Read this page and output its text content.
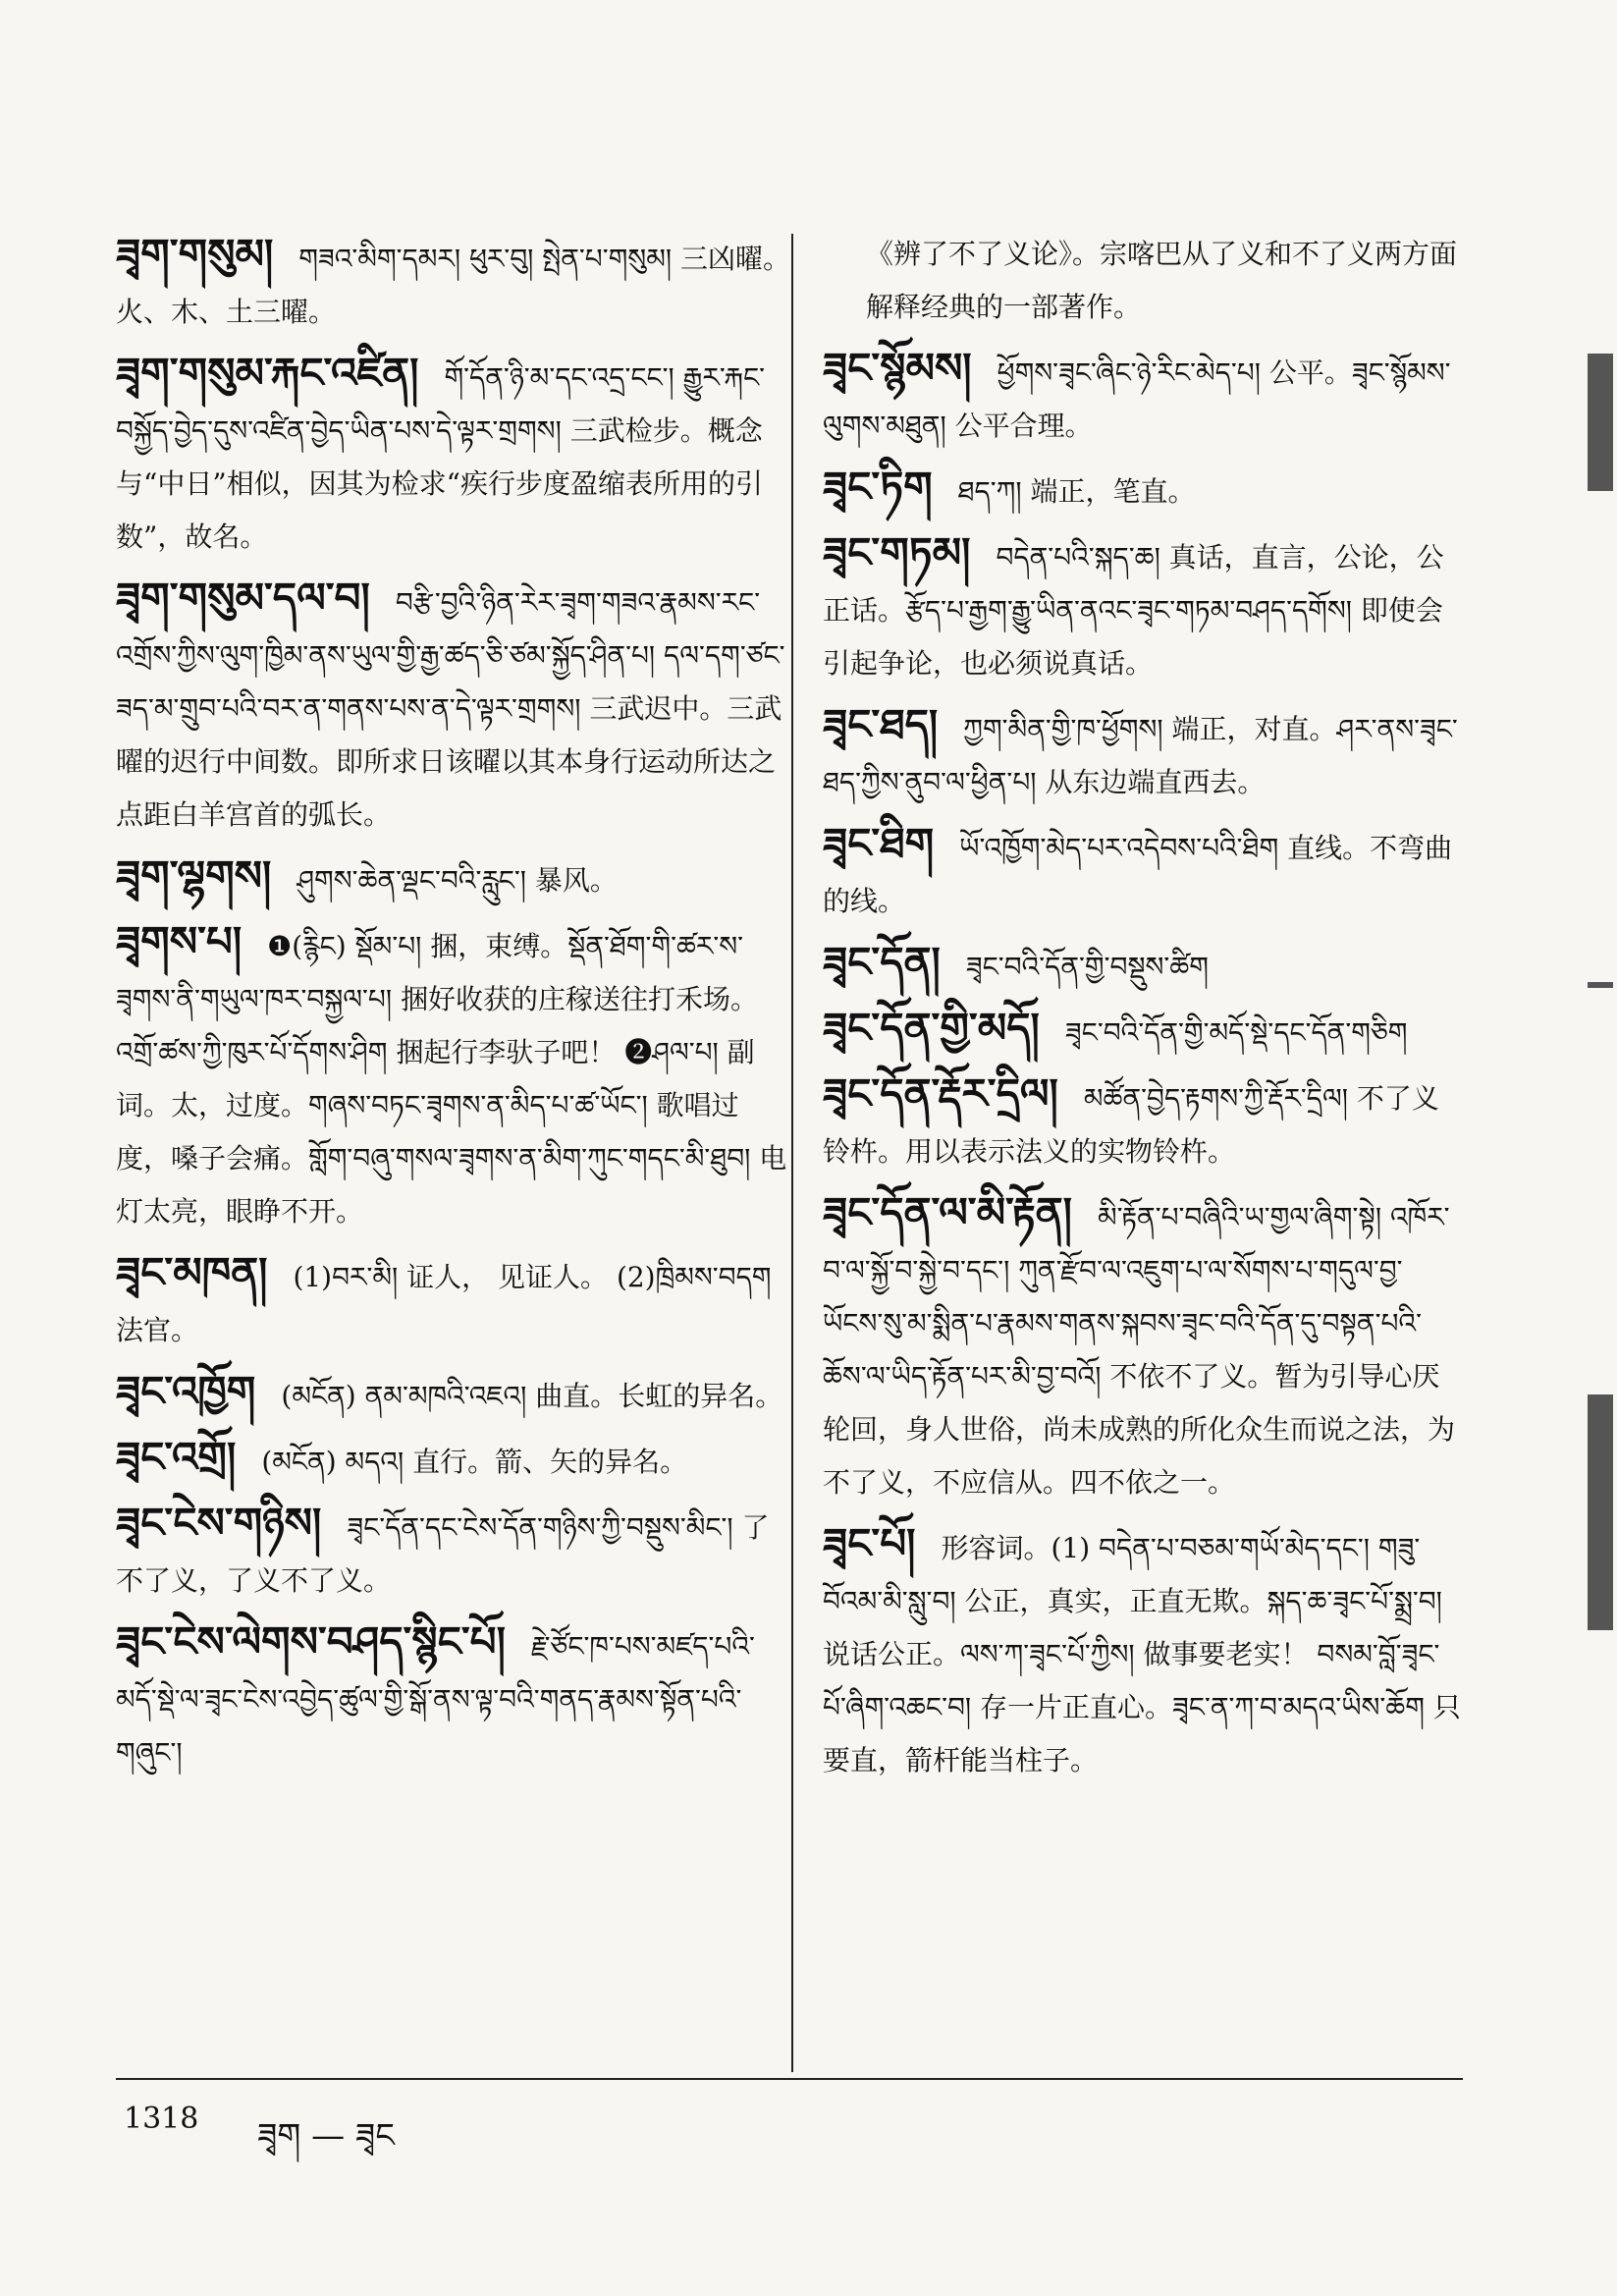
ཟྭག་གསུམ། གཟའ་མིག་དམར། ཕུར་བུ། སྤེན་པ་གསུམ། 三凶曜。火、木、土三曜。
ཟྭག་གསུམ་རྐང་འཛིན། གོ་དོན་ཉི་མ་དང་འདྲ་ངང་། རྒྱུར་རྐང་བསྐྱོད་བྱེད་དུས་འཛིན་བྱེད་ཡིན་པས་དེ་ལྟར་གྲགས། 三武检步。概念与“中日”相似，因其为检求“疾行步度盈缩表所用的引数”，故名。
ཟྭག་གསུམ་དལ་བ། བརྩི་བྱའི་ཉིན་རེར་ཟྭག་གཟའ་རྣམས་རང་འགྲོས་ཀྱིས་ལུག་ཁྱིམ་ནས་ཡུལ་གྱི་རྒྱ་ཚད་ཅི་ཙམ་སྐྱོད་ཤིན་པ། དལ་དག་ཙང་ཟད་མ་གྲུབ་པའི་བར་ན་གནས་པས་ན་དེ་ལྟར་གྲགས། 三武迟中。三武曜的迟行中间数。即所求日该曜以其本身行运动所达之点距白羊宫首的弧长。
ཟྭག་ལྷགས། ཤུགས་ཆེན་ལྡང་བའི་རླུང་། 暴风。
ཟྭགས་པ། ❶(རྙིང) སྡོམ་པ། 捆，束缚。སྡོན་ཐོག་གི་ཚར་ས་ཟྭགས་ནི་གཡུལ་ཁར་བསྐྱལ་པ། 捆好收获的庄稼送往打禾场。འགྲོ་ཚས་ཀྱི་ཁུར་པོ་དོགས་ཤིག 捆起行李驮子吧！ ❷ཤལ་པ། 副词。太，过度。གཞས་བཏང་ཟྭགས་ན་མིད་པ་ཚ་ཡོང་། 歌唱过度，嗓子会痛。གློག་བཞུ་གསལ་ཟྭགས་ན་མིག་ཀུང་གདང་མི་ཐུབ། 电灯太亮，眼睁不开。
ཟྭང་མཁན། (1)བར་མི། 证人， 见证人。 (2)ཁྲིམས་བདག 法官。
ཟྭང་འཁྱོག (མངོན) ནམ་མཁའི་འཇའ། 曲直。长虹的异名。
ཟྭང་འགྲོ། (མངོན) མདའ། 直行。箭、矢的异名。
ཟྭང་ངེས་གཉིས། ཟྭང་དོན་དང་ངེས་དོན་གཉིས་ཀྱི་བསྡུས་མིང་། 了不了义，了义不了义。
ཟྭང་ངེས་ལེགས་བཤད་སྙིང་པོ། རྗེ་ཙོང་ཁ་པས་མཛད་པའི་མདོ་སྡེ་ལ་ཟྭང་ངེས་འབྱེད་ཚུལ་གྱི་སྒོ་ནས་ལྟ་བའི་གནད་རྣམས་སྟོན་པའི་གཞུང་།
《辨了不了义论》。宗喀巴从了义和不了义两方面解释经典的一部著作。
ཟྭང་སྙོམས། ཕྱོགས་ཟྭང་ཞིང་ཉེ་རིང་མེད་པ། 公平。ཟྭང་སྙོམས་ལུགས་མཐུན། 公平合理。
ཟྭང་ཏིག ཐད་ཀ། 端正，笔直。
ཟྭང་གཏམ། བདེན་པའི་སྐད་ཆ། 真话，直言，公论，公正话。རྩོད་པ་རྒྱག་རྒྱུ་ཡིན་ནའང་ཟྭང་གཏམ་བཤད་དགོས། 即使会引起争论，也必须说真话。
ཟྭང་ཐད། ཀྱག་མིན་གྱི་ཁ་ཕྱོགས། 端正，对直。ཤར་ནས་ཟྭང་ཐད་ཀྱིས་ནུབ་ལ་ཕྱིན་པ། 从东边端直西去。
ཟྭང་ཐིག ཡོ་འཁྱོག་མེད་པར་འདེབས་པའི་ཐིག 直线。不弯曲的线。
ཟྭང་དོན། ཟྭང་བའི་དོན་གྱི་བསྡུས་ཚིག
ཟྭང་དོན་གྱི་མདོ། ཟྭང་བའི་དོན་གྱི་མདོ་སྡེ་དང་དོན་གཅིག
ཟྭང་དོན་རྡོར་དྲིལ། མཚོན་བྱེད་རྟགས་ཀྱི་རྡོར་དྲིལ། 不了义铃杵。用以表示法义的实物铃杵。
ཟྭང་དོན་ལ་མི་རྟོན། མི་རྟོན་པ་བཞིའི་ཡ་གྱལ་ཞིག་སྟེ། འཁོར་བ་ལ་སྐྱོ་བ་སྐྱེ་བ་དང་། ཀུན་རྫོབ་ལ་འཇུག་པ་ལ་སོགས་པ་གདུལ་བྱ་ཡོངས་སུ་མ་སྨིན་པ་རྣམས་གནས་སྐབས་ཟྭང་བའི་དོན་དུ་བསྟན་པའི་ཆོས་ལ་ཡིད་རྟོན་པར་མི་བྱ་བའོ། 不依不了义。暂为引导心厌轮回，身人世俗，尚未成熟的所化众生而说之法，为不了义，不应信从。四不依之一。
ཟྭང་པོ། 形容词。(1) བདེན་པ་བཅམ་གཡོ་མེད་དང་། གཟུ་བོའམ་མི་སླུ་བ། 公正，真实，正直无欺。སྐད་ཆ་ཟྭང་པོ་སྨྲ་བ། 说话公正。ལས་ཀ་ཟྭང་པོ་ཀྱིས། 做事要老实！ བསམ་བློ་ཟྭང་པོ་ཞིག་འཆང་བ། 存一片正直心。ཟྭང་ན་ཀ་བ་མདའ་ཡིས་ཆོག 只要直，箭杆能当柱子。
1318 ཟྭག — ཟྭང
